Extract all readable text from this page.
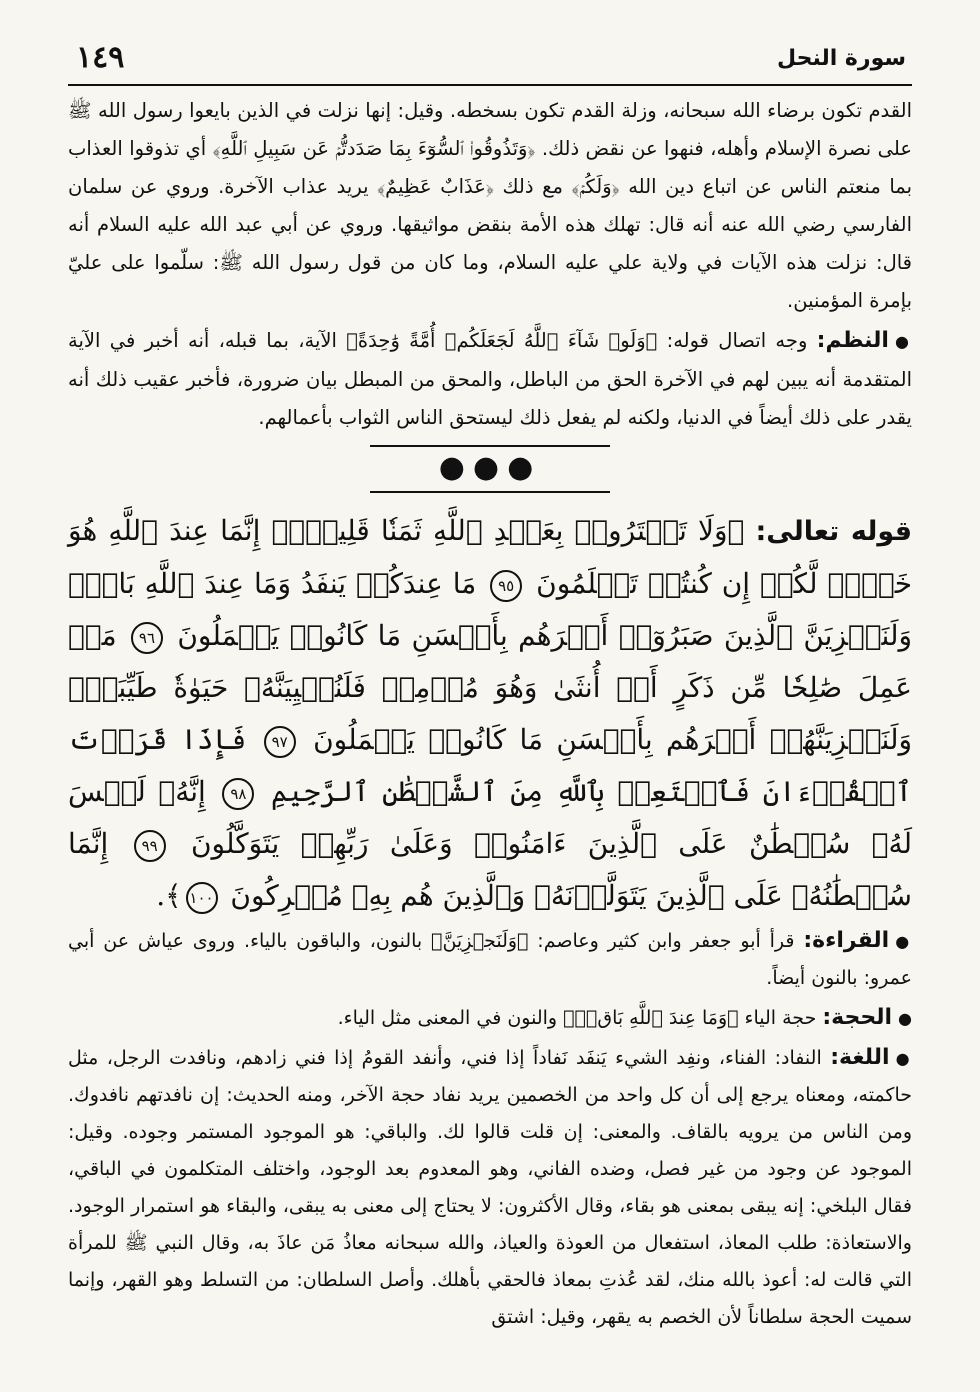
١٤٩	سورة النحل

القدم تكون برضاء الله سبحانه، وزلة القدم تكون بسخطه. وقيل: إنها نزلت في الذين بايعوا رسول الله ﷺ على نصرة الإسلام وأهله، فنهوا عن نقض ذلك. ﴿وَتَذُوقُوا۟ ٱلسُّوٓءَ بِمَا صَدَدتُّمۡ عَن سَبِيلِ ٱللَّهِ﴾ أي تذوقوا العذاب بما منعتم الناس عن اتباع دين الله ﴿وَلَكُمۡ﴾ مع ذلك ﴿عَذَابٌ عَظِيمٌ﴾ يريد عذاب الآخرة. وروي عن سلمان الفارسي رضي الله عنه أنه قال: تهلك هذه الأمة بنقض مواثيقها. وروي عن أبي عبد الله عليه السلام أنه قال: نزلت هذه الآيات في ولاية علي عليه السلام، وما كان من قول رسول الله ﷺ: سلّموا على عليّ بإمرة المؤمنين.

●النظم: وجه اتصال قوله: ﴿وَلَوۡ شَآءَ ٱللَّهُ لَجَعَلَكُمۡ أُمَّةً وَٰحِدَةً﴾ الآية، بما قبله، أنه أخبر في الآية المتقدمة أنه يبين لهم في الآخرة الحق من الباطل، والمحق من المبطل بيان ضرورة، فأخبر عقيب ذلك أنه يقدر على ذلك أيضاً في الدنيا، ولكنه لم يفعل ذلك ليستحق الناس الثواب بأعمالهم.

●●●

قوله تعالى: ﴿وَلَا تَشۡتَرُوا۟ بِعَهۡدِ ٱللَّهِ ثَمَنٗا قَلِيلًاۚ إِنَّمَا عِندَ ٱللَّهِ هُوَ خَيۡرٞ لَّكُمۡ إِن كُنتُمۡ تَعۡلَمُونَ ٩٥ مَا عِندَكُمۡ يَنفَدُ وَمَا عِندَ ٱللَّهِ بَاقٖۗ وَلَنَجۡزِيَنَّ ٱلَّذِينَ صَبَرُوٓا۟ أَجۡرَهُم بِأَحۡسَنِ مَا كَانُوا۟ يَعۡمَلُونَ ٩٦ مَنۡ عَمِلَ صَٰلِحٗا مِّن ذَكَرٍ أَوۡ أُنثَىٰ وَهُوَ مُؤۡمِنٞ فَلَنُحۡيِيَنَّهُۥ حَيَوٰةٗ طَيِّبَةٗۖ وَلَنَجۡزِيَنَّهُمۡ أَجۡرَهُم بِأَحۡسَنِ مَا كَانُوا۟ يَعۡمَلُونَ ٩٧ فَإِذَا قَرَأۡتَ ٱلۡقُرۡءَانَ فَٱسۡتَعِذۡ بِٱللَّهِ مِنَ ٱلشَّيۡطَٰنِ ٱلرَّجِيمِ ٩٨ إِنَّهُۥ لَيۡسَ لَهُۥ سُلۡطَٰنٌ عَلَى ٱلَّذِينَ ءَامَنُوا۟ وَعَلَىٰ رَبِّهِمۡ يَتَوَكَّلُونَ ٩٩ إِنَّمَا سُلۡطَٰنُهُۥ عَلَى ٱلَّذِينَ يَتَوَلَّوۡنَهُۥ وَٱلَّذِينَ هُم بِهِۦ مُشۡرِكُونَ ١٠٠﴾.

●القراءة: قرأ أبو جعفر وابن كثير وعاصم: ﴿وَلَنَجۡزِيَنَّ﴾ بالنون، والباقون بالياء. وروى عياش عن أبي عمرو: بالنون أيضاً.

●الحجة: حجة الياء ﴿وَمَا عِندَ ٱللَّهِ بَاقٖۗ﴾ والنون في المعنى مثل الياء.

●اللغة: النفاد: الفناء، ونفِد الشيء يَنفَد نَفاداً إذا فني، وأنفد القومُ إذا فني زادهم، ونافدت الرجل، مثل حاكمته، ومعناه يرجع إلى أن كل واحد من الخصمين يريد نفاد حجة الآخر، ومنه الحديث: إن نافدتهم نافدوك. ومن الناس من يرويه بالقاف. والمعنى: إن قلت قالوا لك. والباقي: هو الموجود المستمر وجوده. وقيل: الموجود عن وجود من غير فصل، وضده الفاني، وهو المعدوم بعد الوجود، واختلف المتكلمون في الباقي، فقال البلخي: إنه يبقى بمعنى هو بقاء، وقال الأكثرون: لا يحتاج إلى معنى به يبقى، والبقاء هو استمرار الوجود. والاستعاذة: طلب المعاذ، استفعال من العوذة والعياذ، والله سبحانه معاذُ مَن عاذَ به، وقال النبي ﷺ للمرأة التي قالت له: أعوذ بالله منك، لقد عُذتِ بمعاذ فالحقي بأهلك. وأصل السلطان: من التسلط وهو القهر، وإنما سميت الحجة سلطاناً لأن الخصم به يقهر، وقيل: اشتق
